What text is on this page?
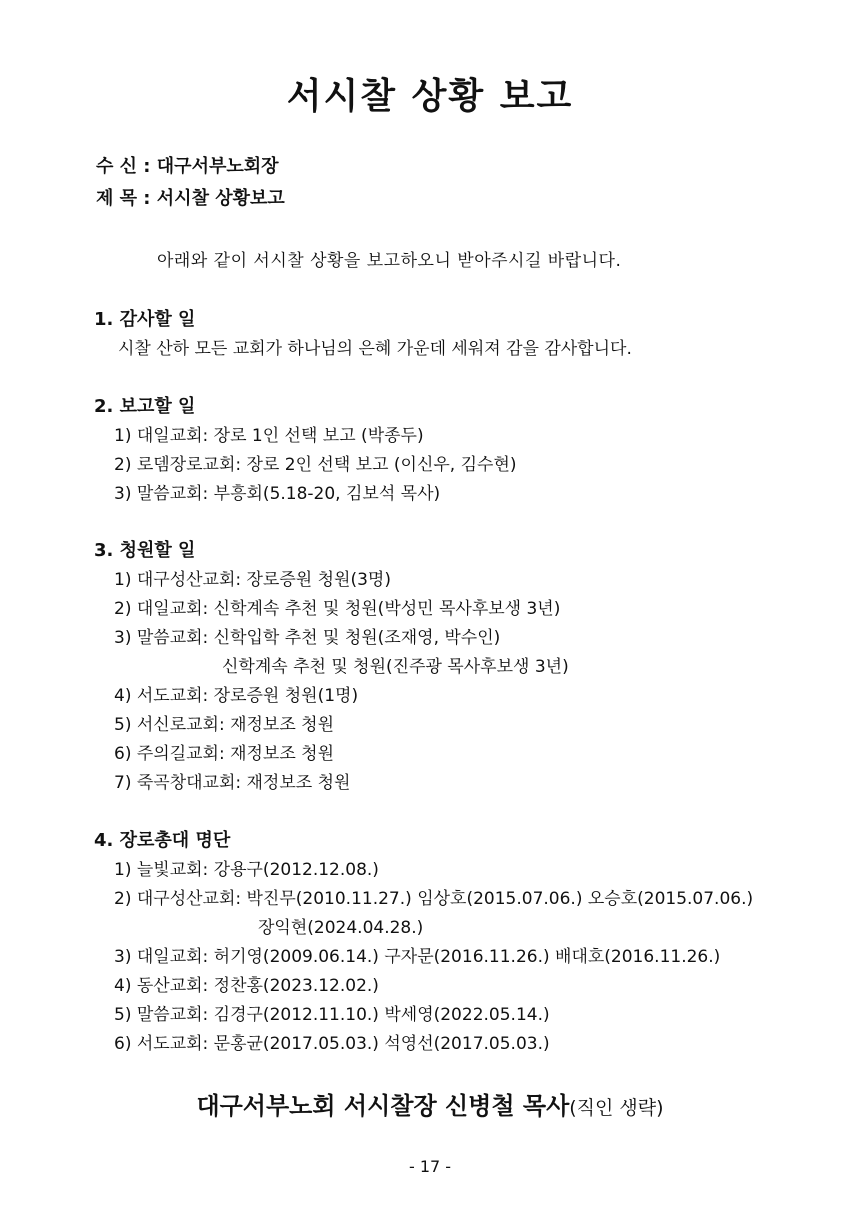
서시찰 상황 보고
수 신 : 대구서부노회장
제 목 : 서시찰 상황보고
아래와 같이 서시찰 상황을 보고하오니 받아주시길 바랍니다.
1. 감사할 일
시찰 산하 모든 교회가 하나님의 은혜 가운데 세워져 감을 감사합니다.
2. 보고할 일
1) 대일교회: 장로 1인 선택 보고 (박종두)
2) 로뎀장로교회: 장로 2인 선택 보고 (이신우, 김수현)
3) 말씀교회: 부흥회(5.18-20, 김보석 목사)
3. 청원할 일
1) 대구성산교회: 장로증원 청원(3명)
2) 대일교회: 신학계속 추천 및 청원(박성민 목사후보생 3년)
3) 말씀교회: 신학입학 추천 및 청원(조재영, 박수인)
신학계속 추천 및 청원(진주광 목사후보생 3년)
4) 서도교회: 장로증원 청원(1명)
5) 서신로교회: 재정보조 청원
6) 주의길교회: 재정보조 청원
7) 죽곡창대교회: 재정보조 청원
4. 장로총대 명단
1) 늘빛교회: 강용구(2012.12.08.)
2) 대구성산교회: 박진무(2010.11.27.) 임상호(2015.07.06.) 오승호(2015.07.06.)
장익현(2024.04.28.)
3) 대일교회: 허기영(2009.06.14.) 구자문(2016.11.26.) 배대호(2016.11.26.)
4) 동산교회: 정찬홍(2023.12.02.)
5) 말씀교회: 김경구(2012.11.10.) 박세영(2022.05.14.)
6) 서도교회: 문홍균(2017.05.03.) 석영선(2017.05.03.)
대구서부노회 서시찰장 신병철 목사(직인 생략)
- 17 -
